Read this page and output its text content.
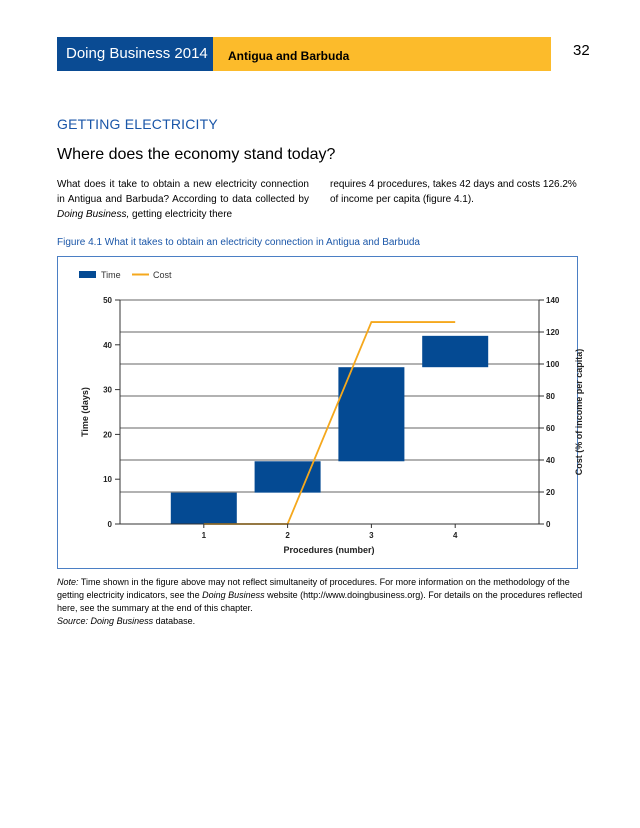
Doing Business 2014	Antigua and Barbuda	32
GETTING ELECTRICITY
Where does the economy stand today?
What does it take to obtain a new electricity connection in Antigua and Barbuda? According to data collected by Doing Business, getting electricity there
requires 4 procedures, takes 42 days and costs 126.2% of income per capita (figure 4.1).
Figure 4.1 What it takes to obtain an electricity connection in Antigua and Barbuda
0
10
20
30
40
50
0
20
40
60
80
100
120
140
1	2	3	4
Time	Cost
Procedures (number)
Time (days)	Cost (% of income per capita)

Note: Time shown in the figure above may not reflect simultaneity of procedures. For more information on the methodology of the getting electricity indicators, see the Doing Business website (http://www.doingbusiness.org). For details on the procedures reflected here, see the summary at the end of this chapter.

Source: Doing Business database.
